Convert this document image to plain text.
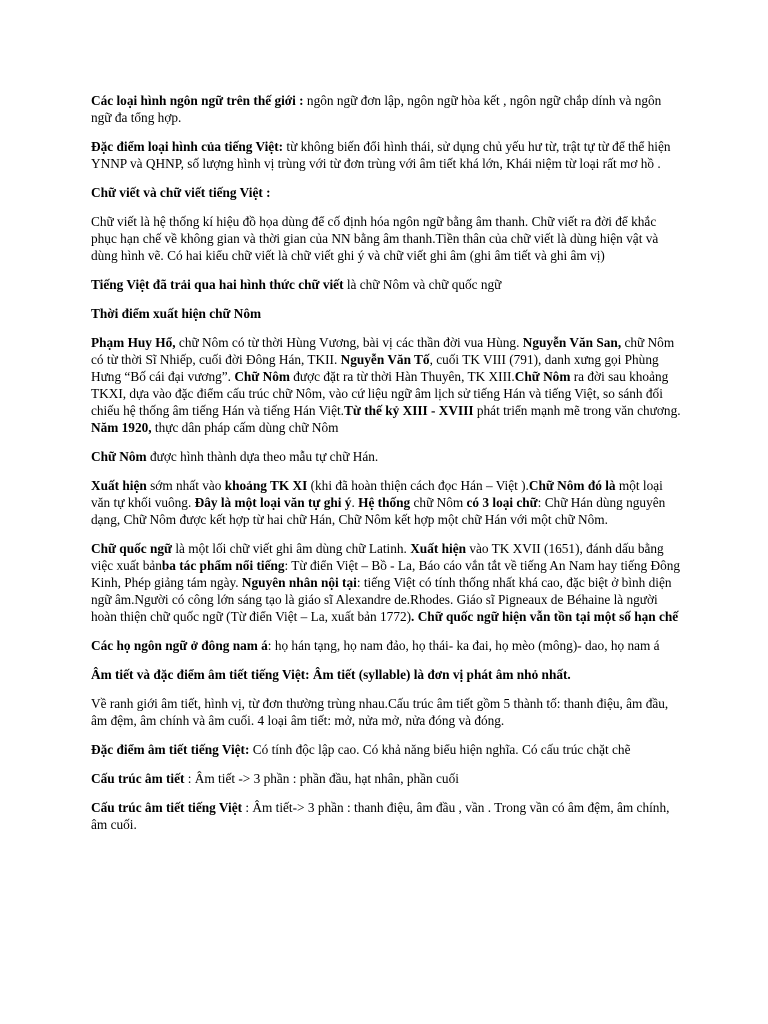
Các loại hình ngôn ngữ trên thế giới : ngôn ngữ đơn lập, ngôn ngữ hòa kết , ngôn ngữ chắp dính và ngôn ngữ đa tổng hợp.

Đặc điểm loại hình của tiếng Việt: từ không biến đổi hình thái, sử dụng chủ yếu hư từ, trật tự từ để thể hiện YNNP và QHNP, số lượng hình vị trùng với từ đơn trùng với âm tiết khá lớn, Khái niệm từ loại rất mơ hồ .

Chữ viết và chữ viết tiếng Việt :

Chữ viết là hệ thống kí hiệu đồ họa dùng để cố định hóa ngôn ngữ bằng âm thanh. Chữ viết ra đời để khắc phục hạn chế về không gian và thời gian của NN bằng âm thanh.Tiền thân của chữ viết là dùng hiện vật và dùng hình vẽ. Có hai kiểu chữ viết là chữ viết ghi ý và chữ viết ghi âm (ghi âm tiết và ghi âm vị)

Tiếng Việt đã trải qua hai hình thức chữ viết là chữ Nôm và chữ quốc ngữ

Thời điểm xuất hiện chữ Nôm

Phạm Huy Hổ, chữ Nôm có từ thời Hùng Vương, bài vị các thần đời vua Hùng. Nguyễn Văn San, chữ Nôm có từ thời Sĩ Nhiếp, cuối đời Đông Hán, TKII. Nguyễn Văn Tố, cuối TK VIII (791), danh xưng gọi Phùng Hưng “Bố cái đại vương”. Chữ Nôm được đặt ra từ thời Hàn Thuyên, TK XIII.Chữ Nôm ra đời sau khoảng TKXI, dựa vào đặc điểm cấu trúc chữ Nôm, vào cứ liệu ngữ âm lịch sử tiếng Hán và tiếng Việt, so sánh đối chiếu hệ thống âm tiếng Hán và tiếng Hán Việt.Từ thế kỷ XIII - XVIII phát triển mạnh mẽ trong văn chương. Năm 1920, thực dân pháp cấm dùng chữ Nôm

Chữ Nôm được hình thành dựa theo mẫu tự chữ Hán.

Xuất hiện sớm nhất vào khoảng TK XI (khi đã hoàn thiện cách đọc Hán – Việt ).Chữ Nôm đó là một loại văn tự khối vuông. Đây là một loại văn tự ghi ý. Hệ thống chữ Nôm có 3 loại chữ: Chữ Hán dùng nguyên dạng, Chữ Nôm được kết hợp từ hai chữ Hán, Chữ Nôm kết hợp một chữ Hán với một chữ Nôm.

Chữ quốc ngữ là một lối chữ viết ghi âm dùng chữ Latinh. Xuất hiện vào TK XVII (1651), đánh dấu bằng việc xuất bảnba tác phẩm nổi tiếng: Từ điển Việt – Bồ - La, Báo cáo vắn tắt về tiếng An Nam hay tiếng Đông Kinh, Phép giảng tám ngày. Nguyên nhân nội tại: tiếng Việt có tính thống nhất khá cao, đặc biệt ở bình diện ngữ âm.Người có công lớn sáng tạo là giáo sĩ Alexandre de.Rhodes. Giáo sĩ Pigneaux de Béhaine là người hoàn thiện chữ quốc ngữ (Từ điển Việt – La, xuất bản 1772). Chữ quốc ngữ hiện vẫn tồn tại một số hạn chế

Các họ ngôn ngữ ở đông nam á: họ hán tạng, họ nam đảo, họ thái- ka đai, họ mèo (mông)- dao, họ nam á

Âm tiết và đặc điểm âm tiết tiếng Việt: Âm tiết (syllable) là đơn vị phát âm nhỏ nhất.

Về ranh giới âm tiết, hình vị, từ đơn thường trùng nhau.Cấu trúc âm tiết gồm 5 thành tố: thanh điệu, âm đầu, âm đệm, âm chính và âm cuối. 4 loại âm tiết: mở, nửa mở, nửa đóng và đóng.

Đặc điểm âm tiết tiếng Việt: Có tính độc lập cao. Có khả năng biểu hiện nghĩa. Có cấu trúc chặt chẽ

Cấu trúc âm tiết : Âm tiết -> 3 phần : phần đầu, hạt nhân, phần cuối

Cấu trúc âm tiết tiếng Việt : Âm tiết-> 3 phần : thanh điệu, âm đầu , vần . Trong vần có âm đệm, âm chính, âm cuối.
